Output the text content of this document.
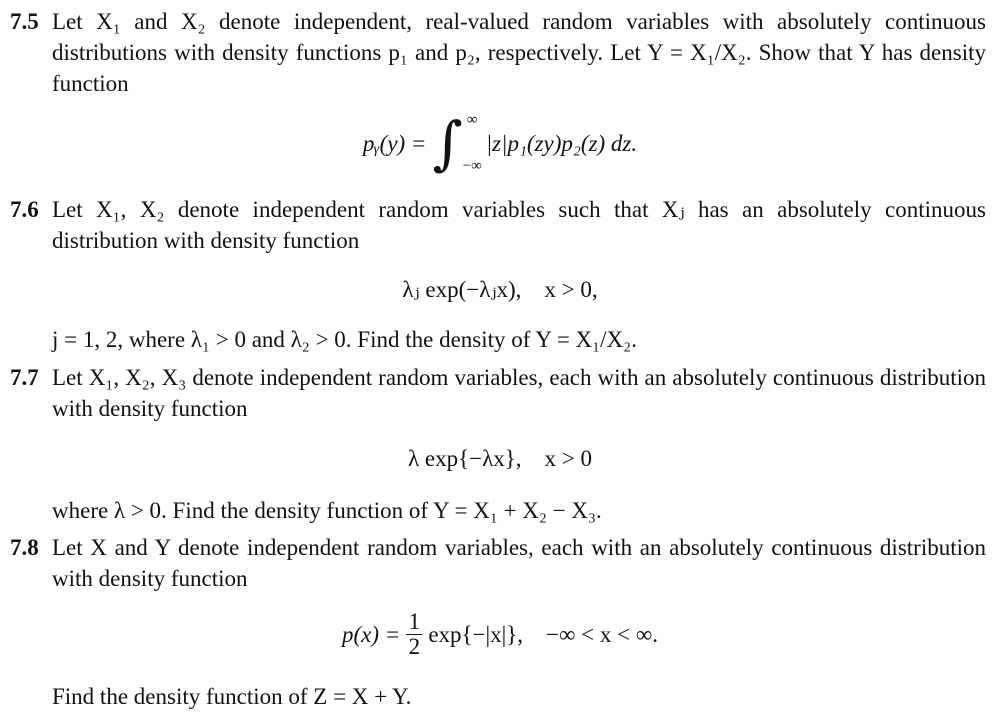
7.5 Let X₁ and X₂ denote independent, real-valued random variables with absolutely continuous distributions with density functions p₁ and p₂, respectively. Let Y = X₁/X₂. Show that Y has density function

pᵧ(y) = ∫ ∞
−∞
|z|p₁(zy)p₂(z) dz.
7.6 Let X₁, X₂ denote independent random variables such that Xⱼ has an absolutely continuous distribution with density function

λⱼ exp(−λⱼx),    x > 0,
j = 1, 2, where λ₁ > 0 and λ₂ > 0. Find the density of Y = X₁/X₂.
7.7 Let X₁, X₂, X₃ denote independent random variables, each with an absolutely continuous distribution with density function

λ exp{−λx},    x > 0
where λ > 0. Find the density function of Y = X₁ + X₂ − X₃.
7.8 Let X and Y denote independent random variables, each with an absolutely continuous distribution with density function

$p(x) = \frac{1}{2} \exp\{-|x|\}$,    −∞ < x < ∞.
Find the density function of Z = X + Y.
